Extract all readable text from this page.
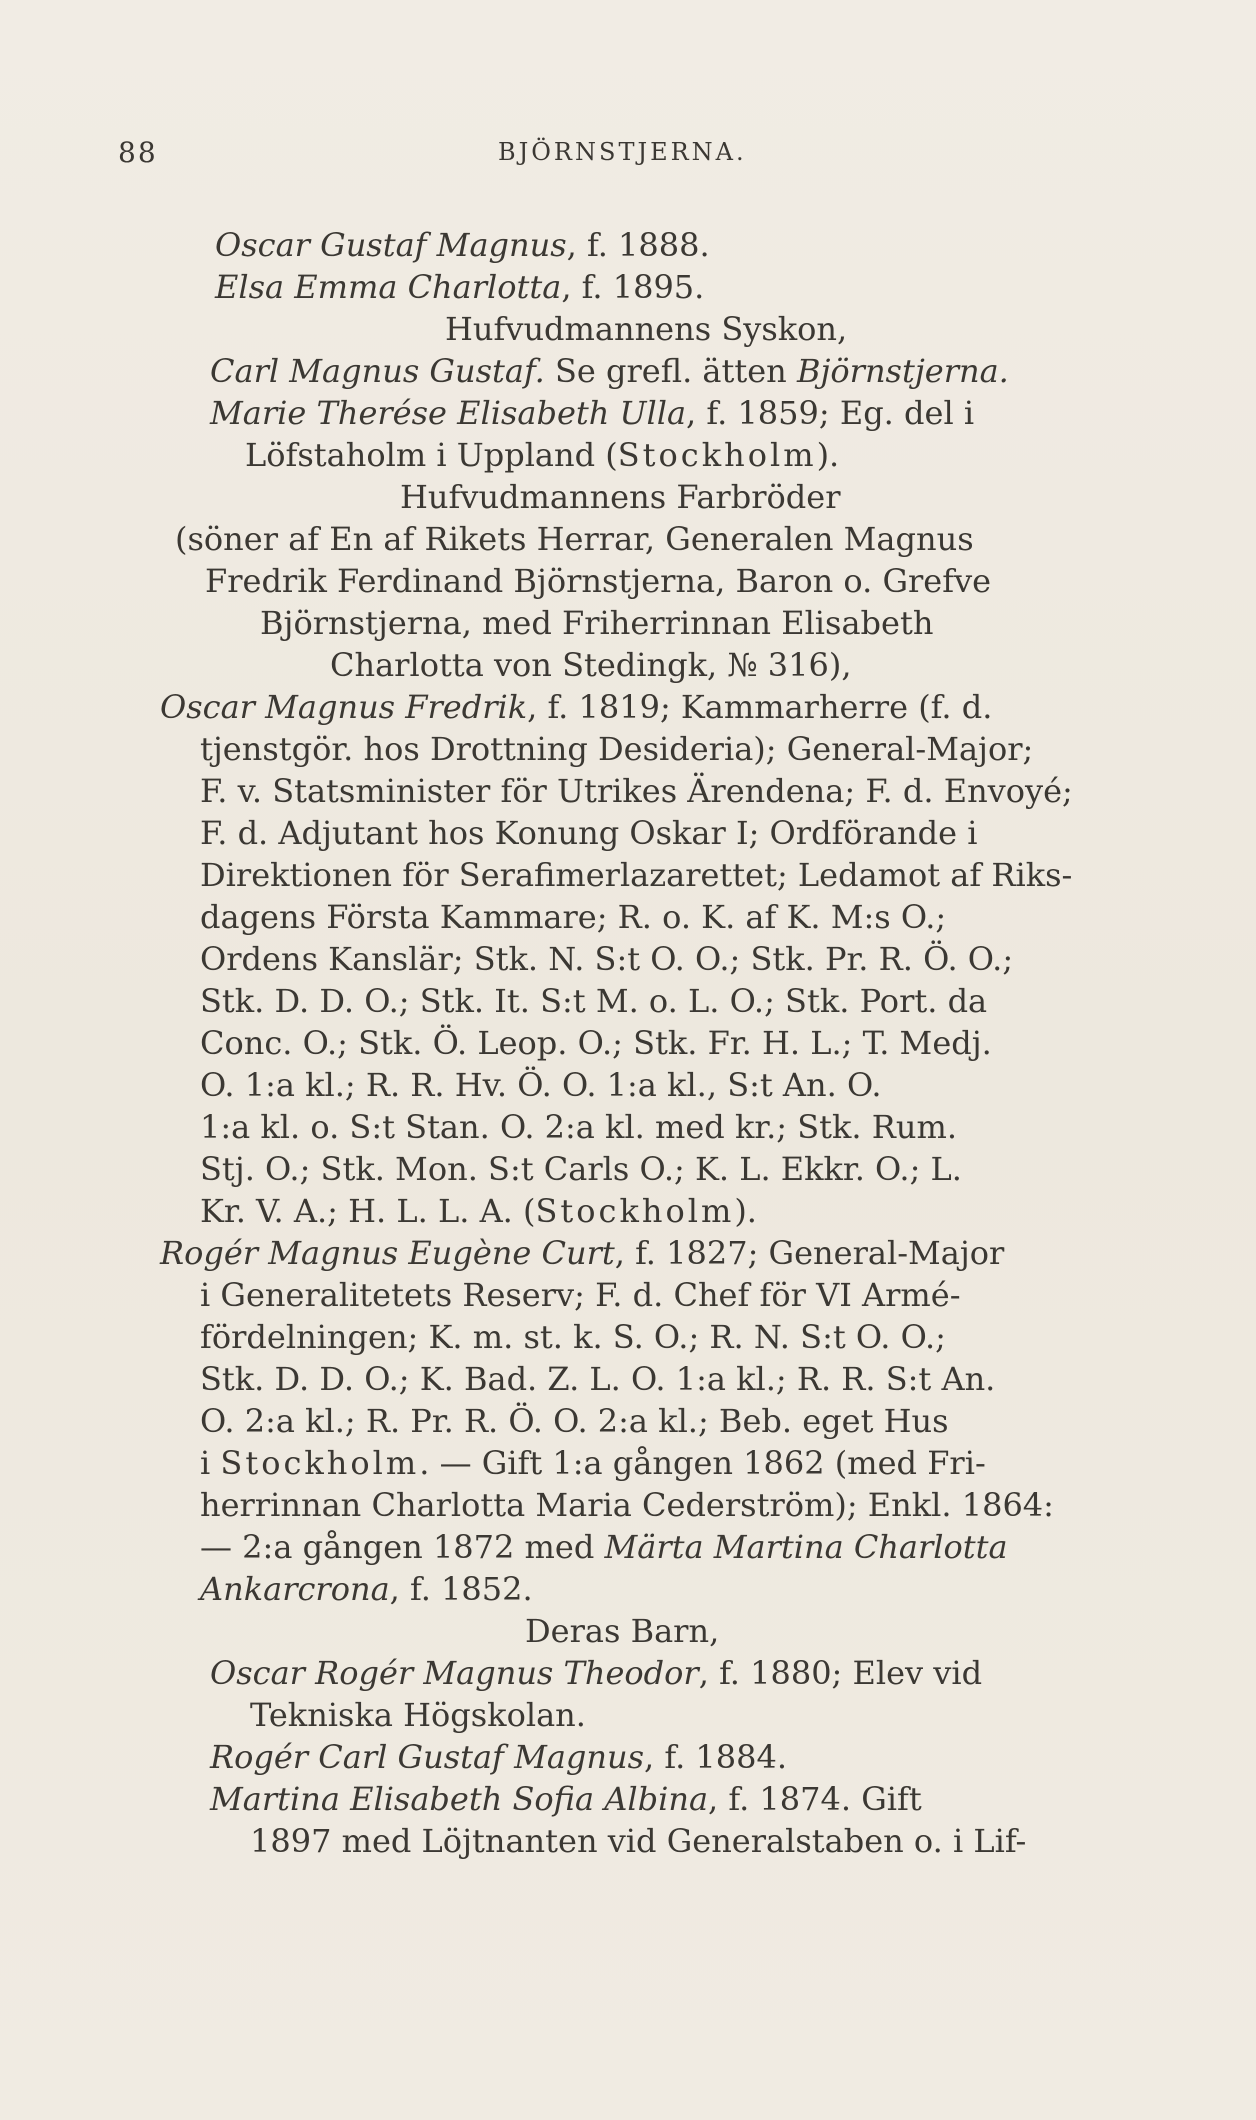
88	BJÖRNSTJERNA.
Oscar Gustaf Magnus, f. 1888.
Elsa Emma Charlotta, f. 1895.
Hufvudmannens Syskon,
Carl Magnus Gustaf. Se grefl. ätten Björnstjerna.
Marie Therése Elisabeth Ulla, f. 1859; Eg. del i
Löfstaholm i Uppland (Stockholm).
Hufvudmannens Farbröder
(söner af En af Rikets Herrar, Generalen Magnus
Fredrik Ferdinand Björnstjerna, Baron o. Grefve
Björnstjerna, med Friherrinnan Elisabeth
Charlotta von Stedingk, № 316),
Oscar Magnus Fredrik, f. 1819; Kammarherre (f. d.
tjenstgör. hos Drottning Desideria); General-Major;
F. v. Statsminister för Utrikes Ärendena; F. d. Envoyé;
F. d. Adjutant hos Konung Oskar I; Ordförande i
Direktionen för Serafimerlazarettet; Ledamot af Riks-
dagens Första Kammare; R. o. K. af K. M:s O.;
Ordens Kanslär; Stk. N. S:t O. O.; Stk. Pr. R. Ö. O.;
Stk. D. D. O.; Stk. It. S:t M. o. L. O.; Stk. Port. da
Conc. O.; Stk. Ö. Leop. O.; Stk. Fr. H. L.; T. Medj.
O. 1:a kl.; R. R. Hv. Ö. O. 1:a kl., S:t An. O.
1:a kl. o. S:t Stan. O. 2:a kl. med kr.; Stk. Rum.
Stj. O.; Stk. Mon. S:t Carls O.; K. L. Ekkr. O.; L.
Kr. V. A.; H. L. L. A. (Stockholm).
Rogér Magnus Eugène Curt, f. 1827; General-Major
i Generalitetets Reserv; F. d. Chef för VI Armé-
fördelningen; K. m. st. k. S. O.; R. N. S:t O. O.;
Stk. D. D. O.; K. Bad. Z. L. O. 1:a kl.; R. R. S:t An.
O. 2:a kl.; R. Pr. R. Ö. O. 2:a kl.; Beb. eget Hus
i Stockholm. — Gift 1:a gången 1862 (med Fri-
herrinnan Charlotta Maria Cederström); Enkl. 1864:
— 2:a gången 1872 med Märta Martina Charlotta
Ankarcrona, f. 1852.
Deras Barn,
Oscar Rogér Magnus Theodor, f. 1880; Elev vid
Tekniska Högskolan.
Rogér Carl Gustaf Magnus, f. 1884.
Martina Elisabeth Sofia Albina, f. 1874. Gift
1897 med Löjtnanten vid Generalstaben o. i Lif-
